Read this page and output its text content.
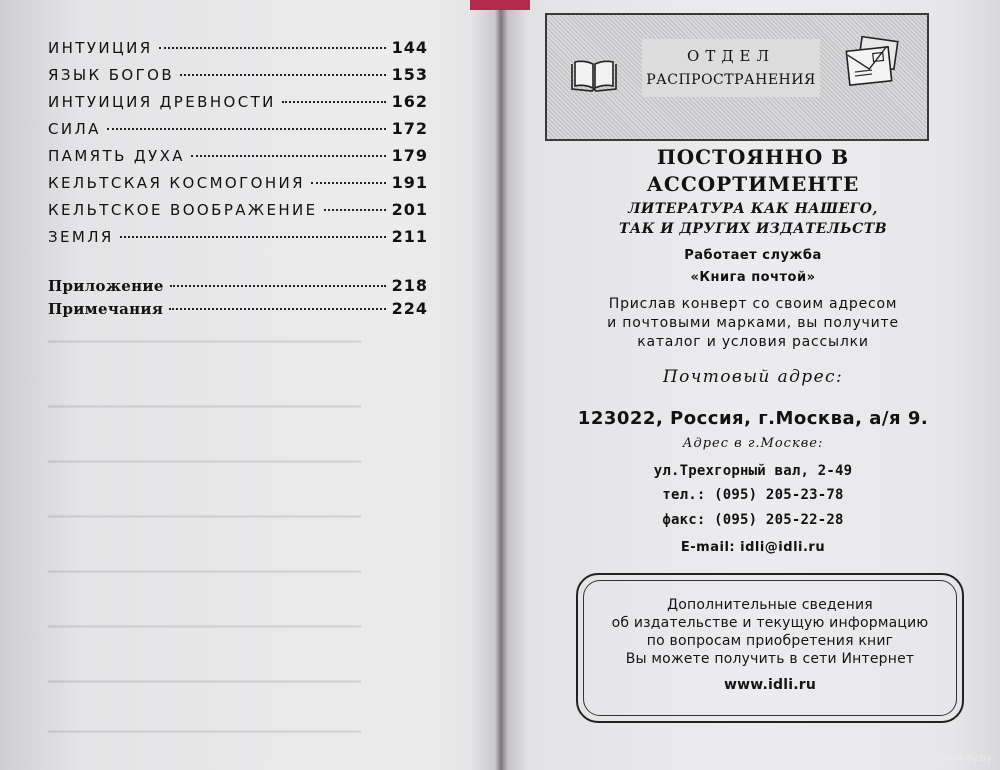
━━━━━━━━━━━━━━━━━━━━━━━━━━━━━━━━━━━━━━━━
━━━━━━━━━━━━━━━━━━━━━━━━━━━━━━━━━━━━━━━━
━━━━━━━━━━━━━━━━━━━━━━━━━━━━━━━━━━━━━━━━
━━━━━━━━━━━━━━━━━━━━━━━━━━━━━━━━━━━━━━━━
━━━━━━━━━━━━━━━━━━━━━━━━━━━━━━━━━━━━━━━━
━━━━━━━━━━━━━━━━━━━━━━━━━━━━━━━━━━━━━━━━
━━━━━━━━━━━━━━━━━━━━━━━━━━━━━━━━━━━━━━━━
━━━━━━━━━━━━━━━━━━━━━━━━━━━━━━━━━━━━━━━━
ИНТУИЦИЯ	144
ЯЗЫК БОГОВ	153
ИНТУИЦИЯ ДРЕВНОСТИ	162
СИЛА	172
ПАМЯТЬ ДУХА	179
КЕЛЬТСКАЯ КОСМОГОНИЯ	191
КЕЛЬТСКОЕ ВООБРАЖЕНИЕ	201
ЗЕМЛЯ	211
Приложение	218
Примечания	224
ОТДЕЛ
РАСПРОСТРАНЕНИЯ
ПОСТОЯННО В
АССОРТИМЕНТЕ
ЛИТЕРАТУРА КАК НАШЕГО,
ТАК И ДРУГИХ ИЗДАТЕЛЬСТВ
Работает служба
«Книга почтой»
Прислав конверт со своим адресом
и почтовыми марками, вы получите
каталог и условия рассылки
Почтовый адрес:
123022, Россия, г.Москва, а/я 9.
Адрес в г.Москве:
ул.Трехгорный вал, 2-49
тел.: (095) 205-23-78
факс: (095) 205-22-28
E-mail: idli@idli.ru
Дополнительные сведения
об издательстве и текущую информацию
по вопросам приобретения книг
Вы можете получить в сети Интернет
www.idli.ru
www.ay.by
